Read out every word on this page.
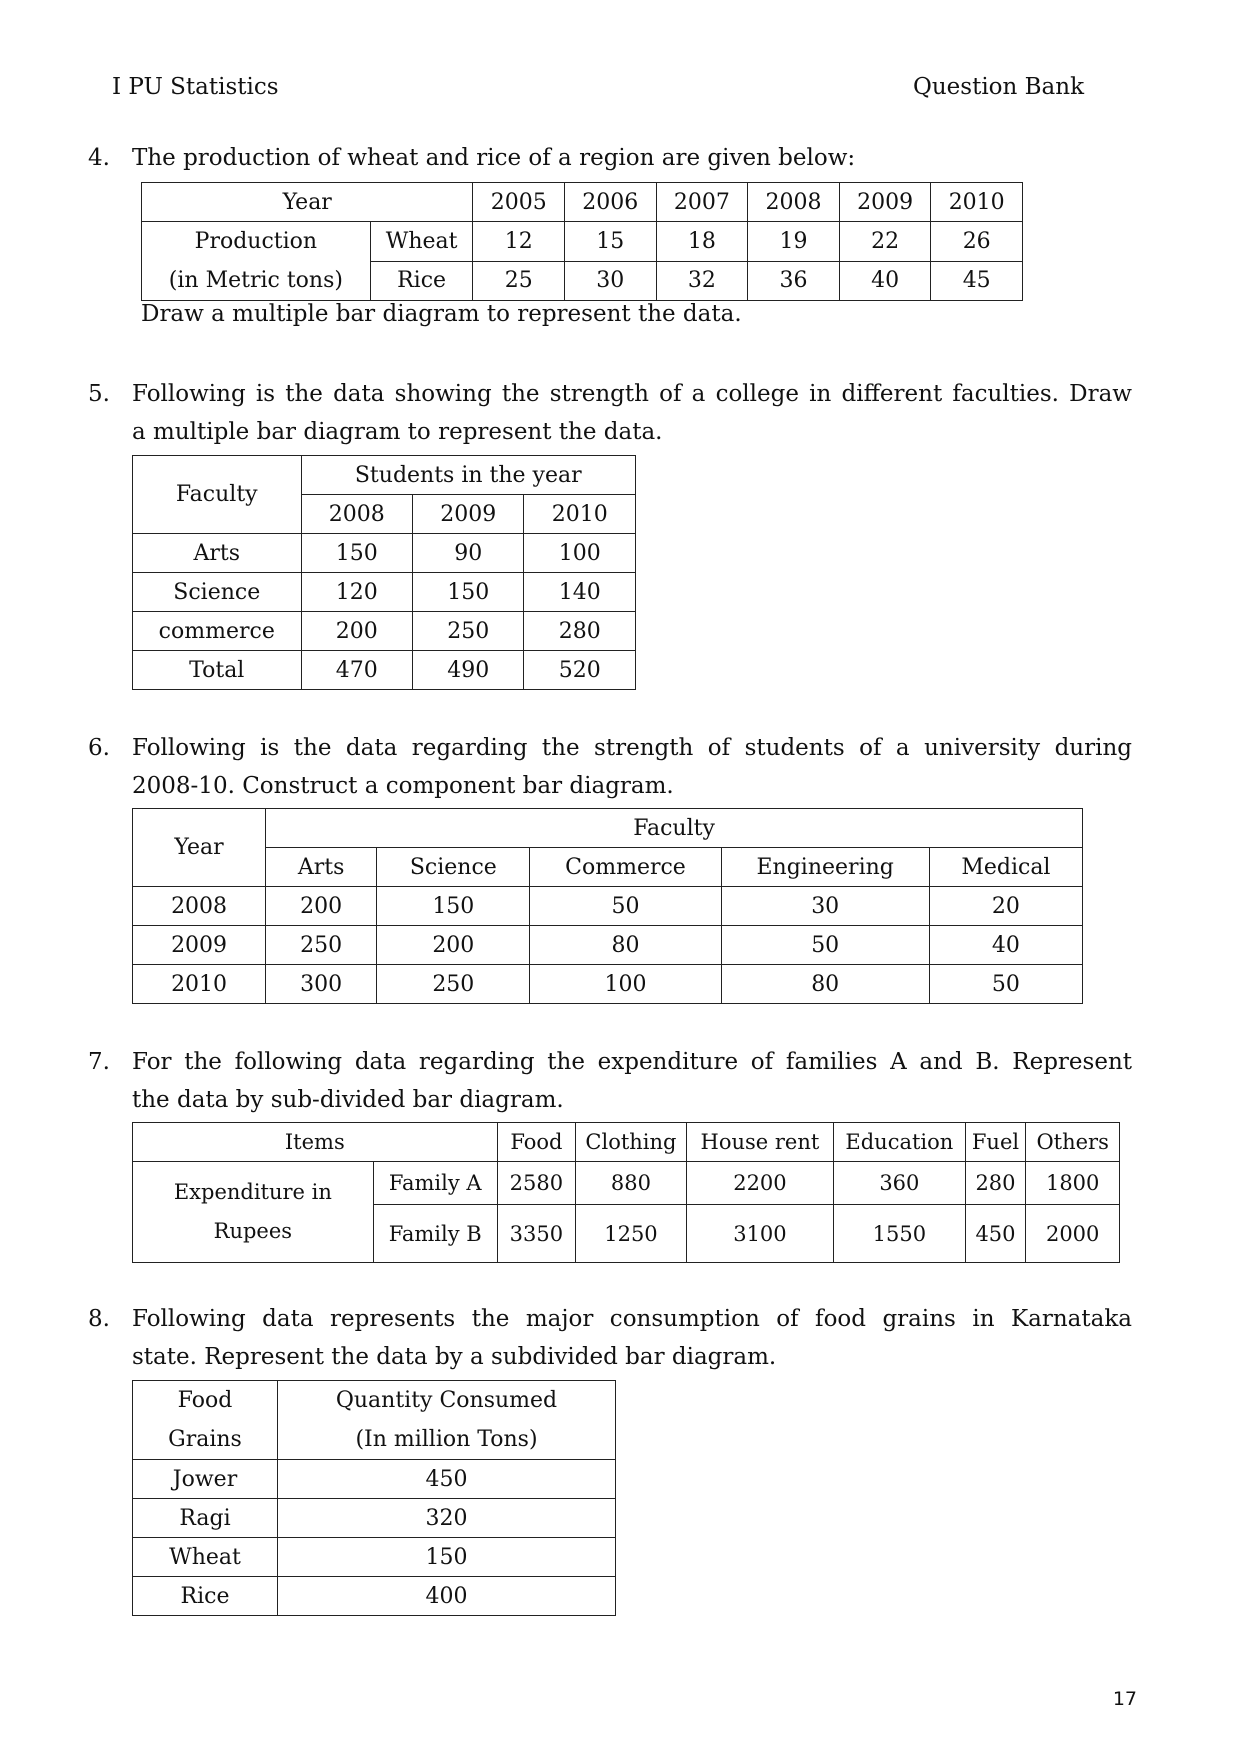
I PU Statistics	Question Bank
4. The production of wheat and rice of a region are given below:
Year		2005	2006	2007	2008	2009	2010

Production
(in Metric tons)	Wheat	12	15	18	19	22	26
	Rice	25	30	32	36	40	45
Draw a multiple bar diagram to represent the data.
5. Following is the data showing the strength of a college in different faculties. Draw
a multiple bar diagram to represent the data.
Faculty	Students in the year		
	2008	2009	2010
Arts	150	90	100
Science	120	150	140
commerce	200	250	280
Total	470	490	520
6. Following is the data regarding the strength of students of a university during
2008-10. Construct a component bar diagram.
Year	Faculty				
	Arts	Science	Commerce	Engineering	Medical
2008	200	150	50	30	20
2009	250	200	80	50	40
2010	300	250	100	80	50
7. For the following data regarding the expenditure of families A and B. Represent
the data by sub-divided bar diagram.
Items		Food	Clothing	House rent	Education	Fuel	Others

Expenditure in
Rupees	Family A	2580	880	2200	360	280	1800
	Family B	3350	1250	3100	1550	450	2000
8. Following data represents the major consumption of food grains in Karnataka
state. Represent the data by a subdivided bar diagram.
Food
Grains	Quantity Consumed
(In million Tons)

Jower	450
Ragi	320
Wheat	150
Rice	400
17
